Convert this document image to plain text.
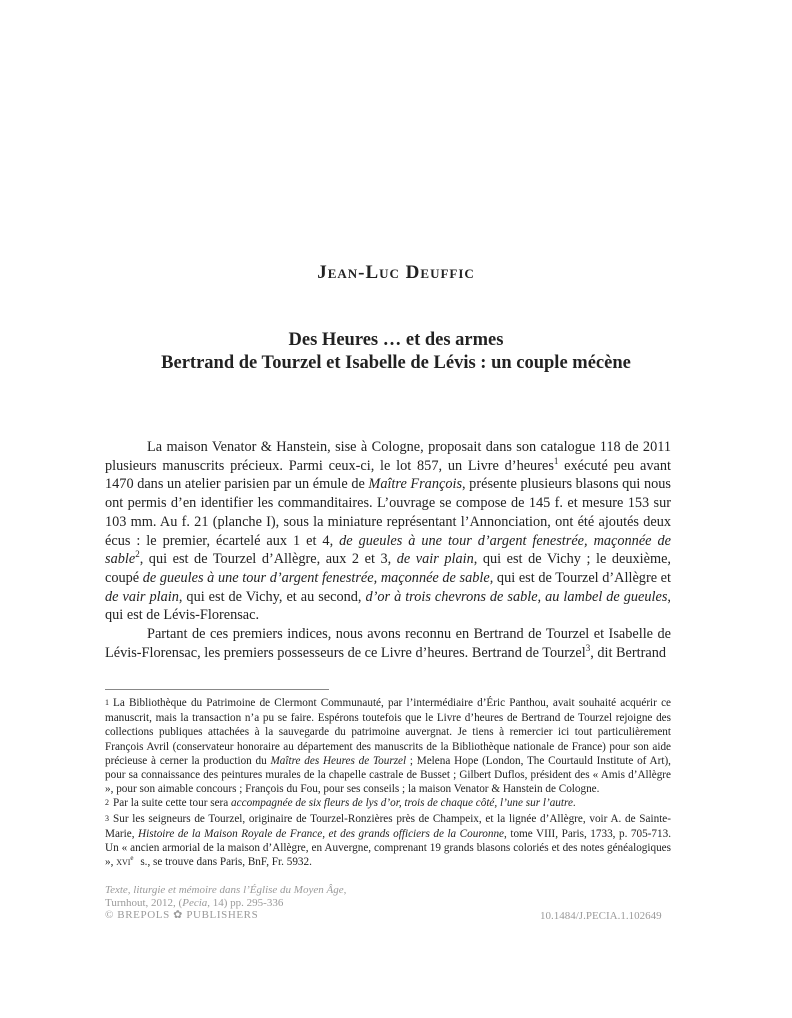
Jean-Luc Deuffic
Des Heures … et des armes
Bertrand de Tourzel et Isabelle de Lévis : un couple mécène

La maison Venator & Hanstein, sise à Cologne, proposait dans son catalogue 118 de 2011 plusieurs manuscrits précieux. Parmi ceux-ci, le lot 857, un Livre d’heures$^1$ exécuté peu avant 1470 dans un atelier parisien par un émule de Maître François, présente plusieurs blasons qui nous ont permis d’en identifier les commanditaires. L’ouvrage se compose de 145 f. et mesure 153 sur 103 mm. Au f. 21 (planche I), sous la miniature représentant l’Annonciation, ont été ajoutés deux écus : le premier, écartelé aux 1 et 4, de gueules à une tour d’argent fenestrée, maçonnée de sable$^2$, qui est de Tourzel d’Allègre, aux 2 et 3, de vair plain, qui est de Vichy ; le deuxième, coupé de gueules à une tour d’argent fenestrée, maçonnée de sable, qui est de Tourzel d’Allègre et de vair plain, qui est de Vichy, et au second, d’or à trois chevrons de sable, au lambel de gueules, qui est de Lévis-Florensac.

Partant de ces premiers indices, nous avons reconnu en Bertrand de Tourzel et Isabelle de Lévis-Florensac, les premiers possesseurs de ce Livre d’heures. Bertrand de Tourzel$^3$, dit Bertrand

$^1$ La Bibliothèque du Patrimoine de Clermont Communauté, par l’intermédiaire d’Éric Panthou, avait souhaité acquérir ce manuscrit, mais la transaction n’a pu se faire. Espérons toutefois que le Livre d’heures de Bertrand de Tourzel rejoigne des collections publiques attachées à la sauvegarde du patrimoine auvergnat. Je tiens à remercier ici tout particulièrement François Avril (conservateur honoraire au département des manuscrits de la Bibliothèque nationale de France) pour son aide précieuse à cerner la production du Maître des Heures de Tourzel ; Melena Hope (London, The Courtauld Institute of Art), pour sa connaissance des peintures murales de la chapelle castrale de Busset ; Gilbert Duflos, président des « Amis d’Allègre », pour son aimable concours ; François du Fou, pour ses conseils ; la maison Venator & Hanstein de Cologne.

$^2$ Par la suite cette tour sera accompagnée de six fleurs de lys d’or, trois de chaque côté, l’une sur l’autre.

$^3$ Sur les seigneurs de Tourzel, originaire de Tourzel-Ronzières près de Champeix, et la lignée d’Allègre, voir A. de Sainte-Marie, Histoire de la Maison Royale de France, et des grands officiers de la Couronne, tome VIII, Paris, 1733, p. 705-713. Un « ancien armorial de la maison d’Allègre, en Auvergne, comprenant 19 grands blasons coloriés et des notes généalogiques », xvi$^e$ s., se trouve dans Paris, BnF, Fr. 5932.

Texte, liturgie et mémoire dans l’Église du Moyen Âge,
Turnhout, 2012, (Pecia, 14) pp. 295-336
© BREPOLS ✿ PUBLISHERS	10.1484/J.PECIA.1.102649
